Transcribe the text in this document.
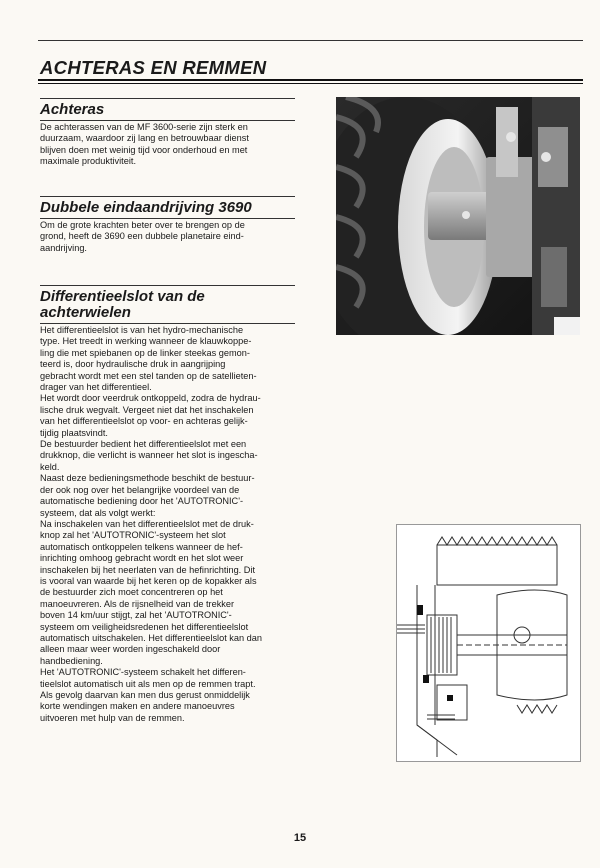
ACHTERAS EN REMMEN
Achteras

De achterassen van de MF 3600-serie zijn sterk en
duurzaam, waardoor zij lang en betrouwbaar dienst
blijven doen met weinig tijd voor onderhoud en met
maximale produktiviteit.

Dubbele eindaandrijving 3690

Om de grote krachten beter over te brengen op de
grond, heeft de 3690 een dubbele planetaire eind-
aandrijving.

Differentieelslot van de
achterwielen

Het differentieelslot is van het hydro-mechanische
type. Het treedt in werking wanneer de klauwkoppe-
ling die met spiebanen op de linker steekas gemon-
teerd is, door hydraulische druk in aangrijping
gebracht wordt met een stel tanden op de satellieten-
drager van het differentieel.
Het wordt door veerdruk ontkoppeld, zodra de hydrau-
lische druk wegvalt. Vergeet niet dat het inschakelen
van het differentieelslot op voor- en achteras gelijk-
tijdig plaatsvindt.
De bestuurder bedient het differentieelslot met een
drukknop, die verlicht is wanneer het slot is ingescha-
keld.
Naast deze bedieningsmethode beschikt de bestuur-
der ook nog over het belangrijke voordeel van de
automatische bediening door het 'AUTOTRONIC'-
systeem, dat als volgt werkt:
Na inschakelen van het differentieelslot met de druk-
knop zal het 'AUTOTRONIC'-systeem het slot
automatisch ontkoppelen telkens wanneer de hef-
inrichting omhoog gebracht wordt en het slot weer
inschakelen bij het neerlaten van de hefinrichting. Dit
is vooral van waarde bij het keren op de kopakker als
de bestuurder zich moet concentreren op het
manoeuvreren. Als de rijsnelheid van de trekker
boven 14 km/uur stijgt, zal het 'AUTOTRONIC'-
systeem om veiligheidsredenen het differentieelslot
automatisch uitschakelen. Het differentieelslot kan dan
alleen maar weer worden ingeschakeld door
handbediening.
Het 'AUTOTRONIC'-systeem schakelt het differen-
tieelslot automatisch uit als men op de remmen trapt.
Als gevolg daarvan kan men dus gerust onmiddelijk
korte wendingen maken en andere manoeuvres
uitvoeren met hulp van de remmen.

15
